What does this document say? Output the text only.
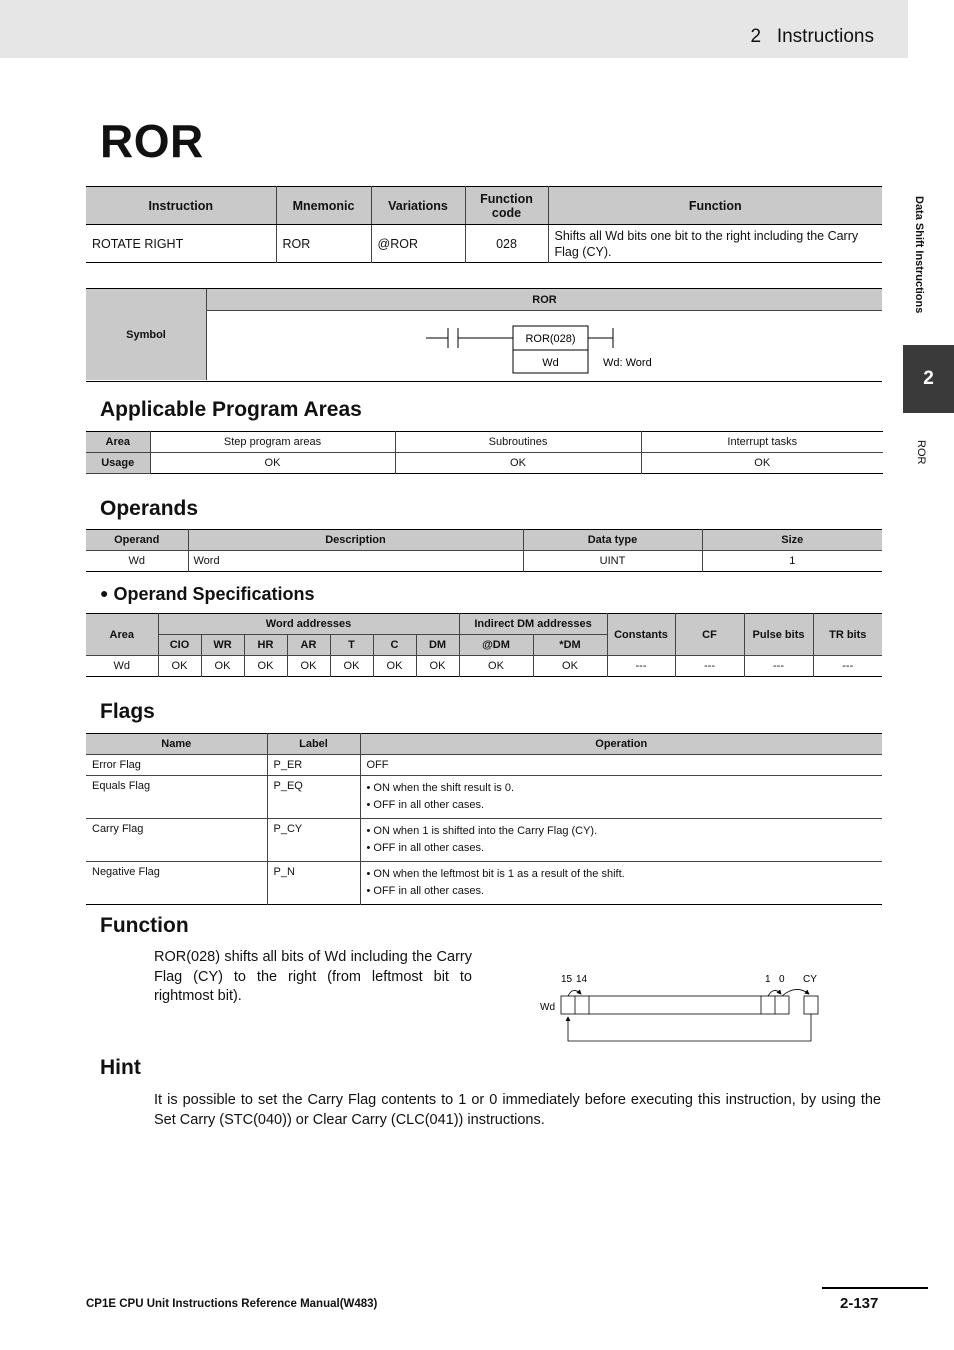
2   Instructions
Data Shift Instructions
2
ROR
ROR
Instruction	Mnemonic	Variations	Function code	Function
ROTATE RIGHT	ROR	@ROR	028	Shifts all Wd bits one bit to the right including the Carry Flag (CY).
Symbol
ROR
ROR(028)
Wd	Wd: Word
Applicable Program Areas
Area	Step program areas	Subroutines	Interrupt tasks
Usage	OK	OK	OK
Operands
Operand	Description	Data type	Size
Wd	Word	UINT	1
● Operand Specifications
Area	Word addresses							Indirect DM addresses		Constants	CF	Pulse bits	TR bits
	CIO	WR	HR	AR	T	C	DM	@DM	*DM				
Wd	OK	OK	OK	OK	OK	OK	OK	OK	OK	---	---	---	---
Flags
Name	Label	Operation
Error Flag	P_ER	OFF
Equals Flag	P_EQ	• ON when the shift result is 0.
• OFF in all other cases.

Carry Flag	P_CY	• ON when 1 is shifted into the Carry Flag (CY).
• OFF in all other cases.

Negative Flag	P_N	• ON when the leftmost bit is 1 as a result of the shift.
• OFF in all other cases.
Function
ROR(028) shifts all bits of Wd including the Carry Flag (CY) to the right (from leftmost bit to rightmost bit).
15 14	1 0 CY
Wd
Hint
It is possible to set the Carry Flag contents to 1 or 0 immediately before executing this instruction, by using the Set Carry (STC(040)) or Clear Carry (CLC(041)) instructions.
CP1E CPU Unit Instructions Reference Manual(W483)	2-137
